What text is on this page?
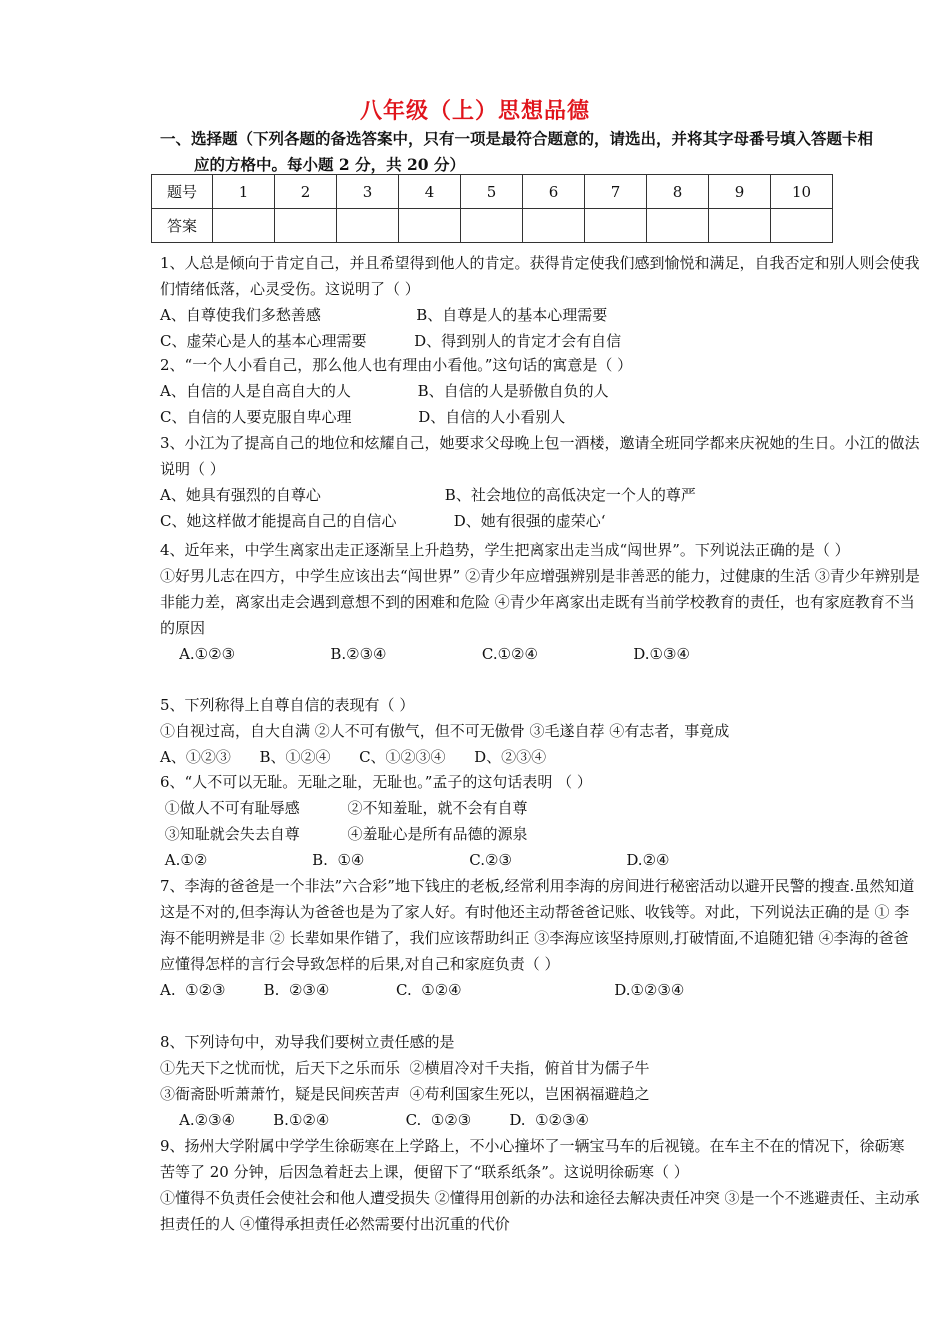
八年级（上）思想品德
一、选择题（下列各题的备选答案中，只有一项是最符合题意的，请选出，并将其字母番号填入答题卡相
应的方格中。每小题 2 分，共 20 分）
题号	1	2	3	4	5	6	7	8	9	10
答案										
1、人总是倾向于肯定自己，并且希望得到他人的肯定。获得肯定使我们感到愉悦和满足，自我否定和别人则会使我们情绪低落，心灵受伤。这说明了（ ）
A、自尊使我们多愁善感                    B、自尊是人的基本心理需要
C、虚荣心是人的基本心理需要          D、得到别人的肯定才会有自信
2、“一个人小看自己，那么他人也有理由小看他。”这句话的寓意是（ ）
A、自信的人是自高自大的人              B、自信的人是骄傲自负的人
C、自信的人要克服自卑心理              D、自信的人小看别人
3、小江为了提高自己的地位和炫耀自己，她要求父母晚上包一酒楼，邀请全班同学都来庆祝她的生日。小江的做法说明（ ）
A、她具有强烈的自尊心                          B、社会地位的高低决定一个人的尊严
C、她这样做才能提高自己的自信心            D、她有很强的虚荣心‘
4、近年来，中学生离家出走正逐渐呈上升趋势，学生把离家出走当成“闯世界”。下列说法正确的是（ ）
①好男儿志在四方，中学生应该出去“闯世界” ②青少年应增强辨别是非善恶的能力，过健康的生活 ③青少年辨别是非能力差，离家出走会遇到意想不到的困难和危险 ④青少年离家出走既有当前学校教育的责任，也有家庭教育不当的原因
A.①②③                    B.②③④                    C.①②④                    D.①③④
5、下列称得上自尊自信的表现有（ ）
①自视过高，自大自满 ②人不可有傲气，但不可无傲骨 ③毛遂自荐 ④有志者，事竟成
A、①②③      B、①②④      C、①②③④      D、②③④
6、“人不可以无耻。无耻之耻，无耻也。”孟子的这句话表明 （ ）
①做人不可有耻辱感          ②不知羞耻，就不会有自尊
③知耻就会失去自尊          ④羞耻心是所有品德的源泉
A.①②                      B.  ①④                      C.②③                        D.②④
7、李海的爸爸是一个非法”六合彩”地下钱庄的老板,经常利用李海的房间进行秘密活动以避开民警的搜查.虽然知道这是不对的,但李海认为爸爸也是为了家人好。有时他还主动帮爸爸记账、收钱等。对此，下列说法正确的是 ① 李海不能明辨是非 ② 长辈如果作错了，我们应该帮助纠正 ③李海应该坚持原则,打破情面,不追随犯错 ④李海的爸爸应懂得怎样的言行会导致怎样的后果,对自己和家庭负责（ ）
A.  ①②③        B.  ②③④              C.  ①②④                                D.①②③④
8、下列诗句中，劝导我们要树立责任感的是
①先天下之忧而忧，后天下之乐而乐  ②横眉冷对千夫指，俯首甘为儒子牛
③衙斋卧听萧萧竹，疑是民间疾苦声  ④苟利国家生死以，岂困祸福避趋之
A.②③④        B.①②④                C.  ①②③        D.  ①②③④
9、扬州大学附属中学学生徐砺寒在上学路上，不小心撞坏了一辆宝马车的后视镜。在车主不在的情况下，徐砺寒 苦等了 20 分钟，后因急着赶去上课，便留下了“联系纸条”。这说明徐砺寒（ ）
①懂得不负责任会使社会和他人遭受损失 ②懂得用创新的办法和途径去解决责任冲突 ③是一个不逃避责任、主动承担责任的人 ④懂得承担责任必然需要付出沉重的代价
